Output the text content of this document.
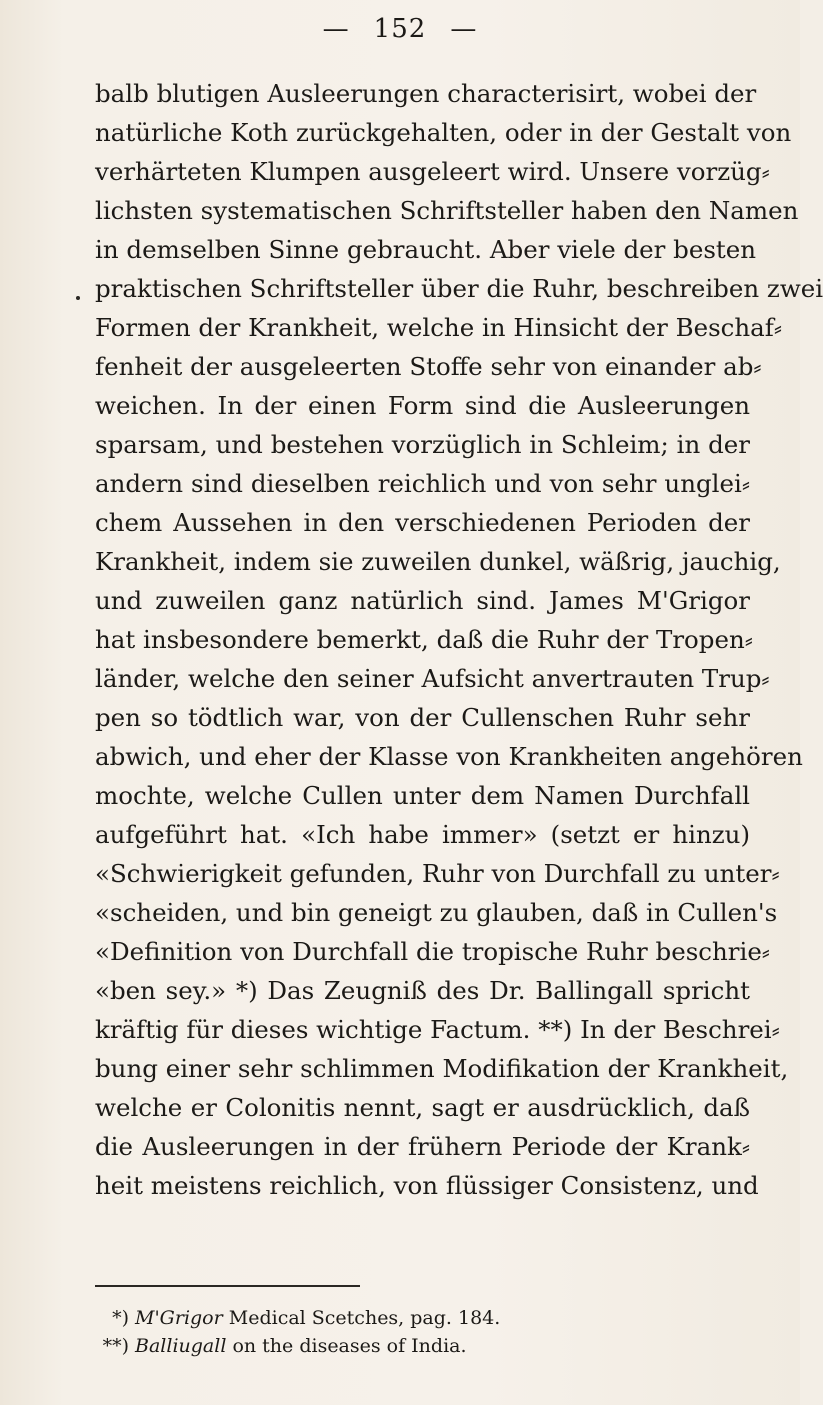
— 152 —
balb blutigen Ausleerungen characterisirt, wobei der
natürliche Koth zurückgehalten, oder in der Gestalt von
verhärteten Klumpen ausgeleert wird. Unsere vorzüg⸗
lichsten systematischen Schriftsteller haben den Namen
in demselben Sinne gebraucht. Aber viele der besten
praktischen Schriftsteller über die Ruhr, beschreiben zwei
Formen der Krankheit, welche in Hinsicht der Beschaf⸗
fenheit der ausgeleerten Stoffe sehr von einander ab⸗
weichen. In der einen Form sind die Ausleerungen
sparsam, und bestehen vorzüglich in Schleim; in der
andern sind dieselben reichlich und von sehr unglei⸗
chem Aussehen in den verschiedenen Perioden der
Krankheit, indem sie zuweilen dunkel, wäßrig, jauchig,
und zuweilen ganz natürlich sind. James M'Grigor
hat insbesondere bemerkt, daß die Ruhr der Tropen⸗
länder, welche den seiner Aufsicht anvertrauten Trup⸗
pen so tödtlich war, von der Cullenschen Ruhr sehr
abwich, und eher der Klasse von Krankheiten angehören
mochte, welche Cullen unter dem Namen Durchfall
aufgeführt hat. «Ich habe immer» (setzt er hinzu)
«Schwierigkeit gefunden, Ruhr von Durchfall zu unter⸗
«scheiden, und bin geneigt zu glauben, daß in Cullen's
«Definition von Durchfall die tropische Ruhr beschrie⸗
«ben sey.» *) Das Zeugniß des Dr. Ballingall spricht
kräftig für dieses wichtige Factum. **) In der Beschrei⸗
bung einer sehr schlimmen Modifikation der Krankheit,
welche er Colonitis nennt, sagt er ausdrücklich, daß
die Ausleerungen in der frühern Periode der Krank⸗
heit meistens reichlich, von flüssiger Consistenz, und
*) M'Grigor Medical Scetches, pag. 184.
**) Balliugall on the diseases of India.
